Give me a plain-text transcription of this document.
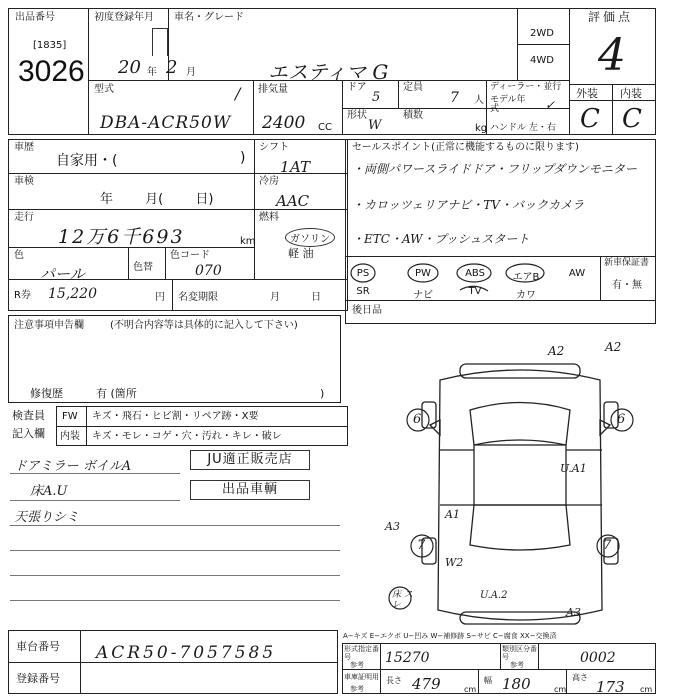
出品番号
[1835]
3026
初度登録年月
20 年 2 月
車名・グレード
エスティマ G
/
2WD
4WD
評価点
4
外装 内装
C C
型式
DBA-ACR50W
排気量
2400 CC
ドア
5
定員
7 人
ディーラー・並行
モデル年式	✓
形状
W
積数
kg ハンドル 左・右
車歴
自家用・(	)
シフト
AT
1
車検
年 月( 日)
冷房
AAC
走行
12万6千693	km
燃料
ガソリン
軽 油
色
パール	色替
色コード
070
R券 15,220	円 名変期限	月 日
注意事項申告欄	(不明合内容等は具体的に記入して下さい)
修復歴	有 (箇所	)
検査員
記入欄
FW キズ・飛石・ヒビ割・リペア跡・X要
内装 キズ・モレ・コゲ・穴・汚れ・キレ・破レ
ドアミラー ボイルA
床A.U
天張りシミ
JU適正販売店
出品車輌
セールスポイント(正常に機能するものに限ります)
・両側パワースライドドア・フリップダウンモニター
・カロッツェリアナビ・TV・バックカメラ
・ETC・AW・プッシュスタート
PS	PW	ABS	エアB	AW
SR	ナビ	TV	カワ
新車保証書
有・無
後日品
A2	A2
U.A1
A1
A3
W2
U.A.2
A3
6	6
7	7
床 スレ
A−キズ E−エクボ U−凹み W−補修跡 S−サビ C−腐食 XX−交換済
車台番号 ACR50-7057585
登録番号
形式指定番号
参考 15270
類別区分番号
参考	0002
車庫証明用
参考
長さ 479	cm
幅 180	cm
高さ
173 cm
